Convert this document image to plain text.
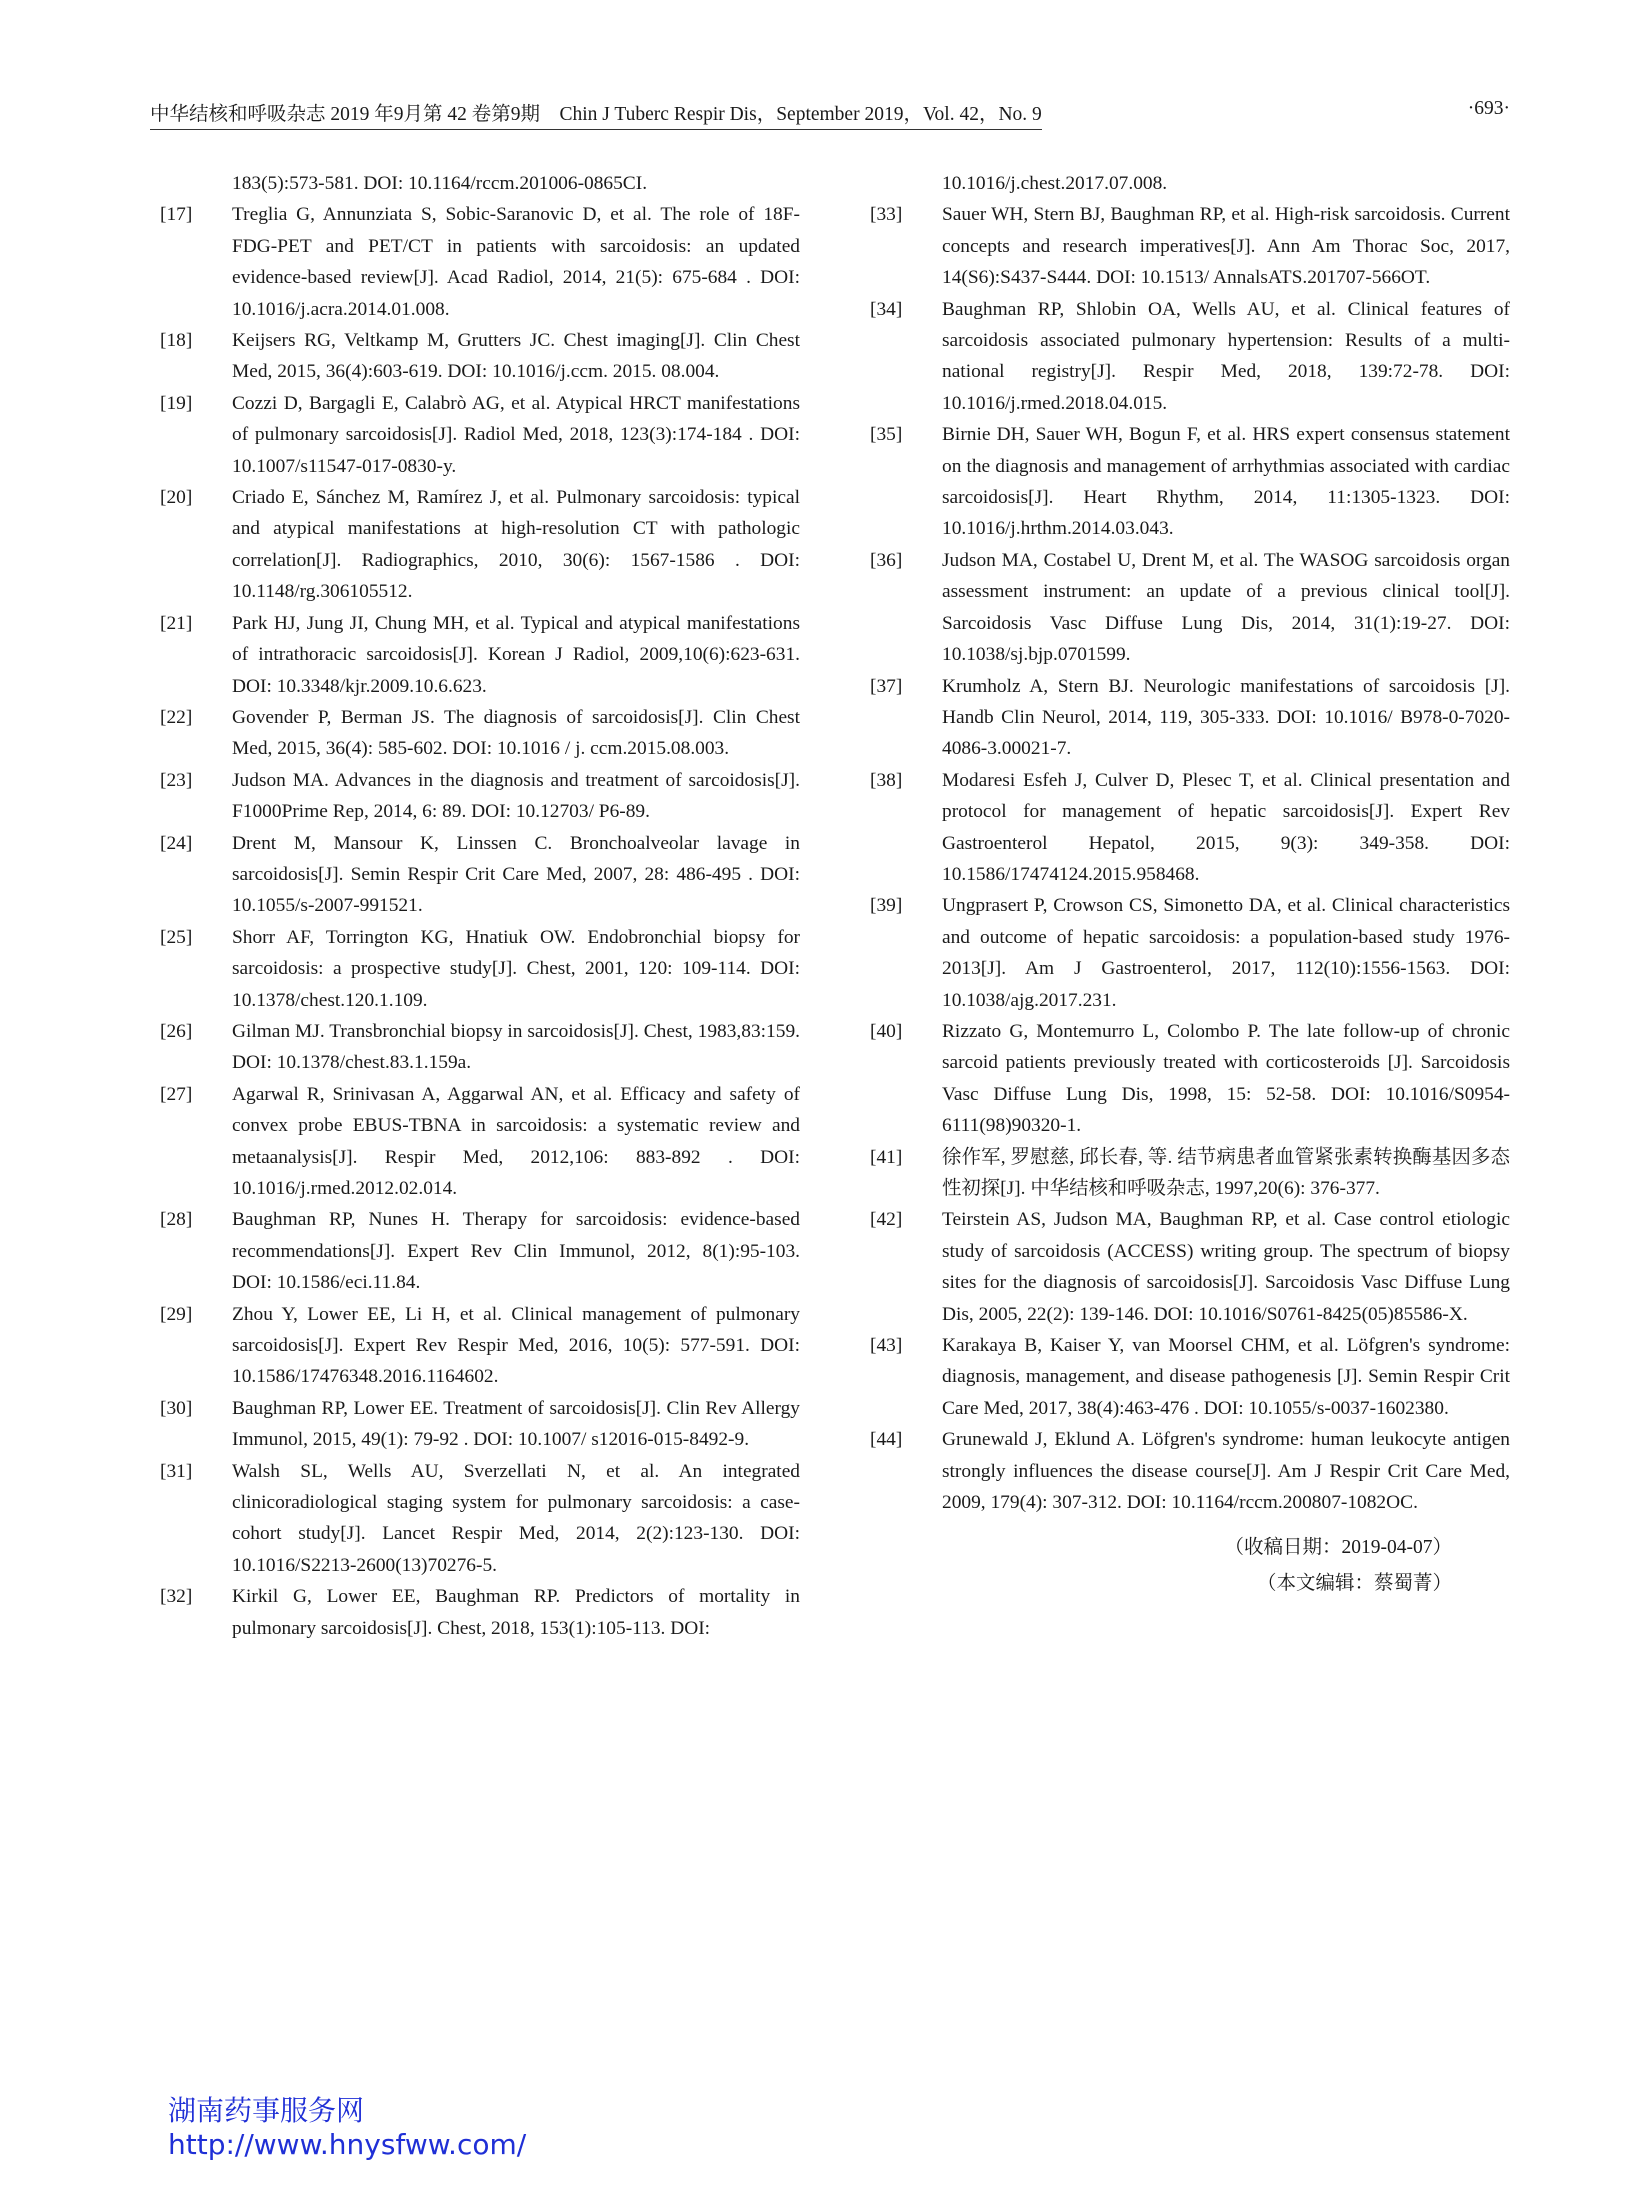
中华结核和呼吸杂志 2019 年9月第 42 卷第9期　Chin J Tuberc Respir Dis，September 2019，Vol. 42，No. 9	·693·
183(5):573-581. DOI: 10.1164/rccm.201006-0865CI.
[17]	Treglia G, Annunziata S, Sobic-Saranovic D, et al. The role of 18F-FDG-PET and PET/CT in patients with sarcoidosis: an updated evidence-based review[J]. Acad Radiol, 2014, 21(5): 675-684 . DOI: 10.1016/j.acra.2014.01.008.
[18]	Keijsers RG, Veltkamp M, Grutters JC. Chest imaging[J]. Clin Chest Med, 2015, 36(4):603-619. DOI: 10.1016/j.ccm. 2015. 08.004.
[19]	Cozzi D, Bargagli E, Calabrò AG, et al. Atypical HRCT manifestations of pulmonary sarcoidosis[J]. Radiol Med, 2018, 123(3):174-184 . DOI: 10.1007/s11547-017-0830-y.
[20]	Criado E, Sánchez M, Ramírez J, et al. Pulmonary sarcoidosis: typical and atypical manifestations at high-resolution CT with pathologic correlation[J]. Radiographics, 2010, 30(6): 1567-1586 . DOI: 10.1148/rg.306105512.
[21]	Park HJ, Jung JI, Chung MH, et al. Typical and atypical manifestations of intrathoracic sarcoidosis[J]. Korean J Radiol, 2009,10(6):623-631. DOI: 10.3348/kjr.2009.10.6.623.
[22]	Govender P, Berman JS. The diagnosis of sarcoidosis[J]. Clin Chest Med, 2015, 36(4): 585-602. DOI: 10.1016 / j. ccm.2015.08.003.
[23]	Judson MA. Advances in the diagnosis and treatment of sarcoidosis[J]. F1000Prime Rep, 2014, 6: 89. DOI: 10.12703/ P6-89.
[24]	Drent M, Mansour K, Linssen C. Bronchoalveolar lavage in sarcoidosis[J]. Semin Respir Crit Care Med, 2007, 28: 486-495 . DOI: 10.1055/s-2007-991521.
[25]	Shorr AF, Torrington KG, Hnatiuk OW. Endobronchial biopsy for sarcoidosis: a prospective study[J]. Chest, 2001, 120: 109-114. DOI: 10.1378/chest.120.1.109.
[26]	Gilman MJ. Transbronchial biopsy in sarcoidosis[J]. Chest, 1983,83:159. DOI: 10.1378/chest.83.1.159a.
[27]	Agarwal R, Srinivasan A, Aggarwal AN, et al. Efficacy and safety of convex probe EBUS-TBNA in sarcoidosis: a systematic review and metaanalysis[J]. Respir Med, 2012,106: 883-892 . DOI: 10.1016/j.rmed.2012.02.014.
[28]	Baughman RP, Nunes H. Therapy for sarcoidosis: evidence-based recommendations[J]. Expert Rev Clin Immunol, 2012, 8(1):95-103. DOI: 10.1586/eci.11.84.
[29]	Zhou Y, Lower EE, Li H, et al. Clinical management of pulmonary sarcoidosis[J]. Expert Rev Respir Med, 2016, 10(5): 577-591. DOI: 10.1586/17476348.2016.1164602.
[30]	Baughman RP, Lower EE. Treatment of sarcoidosis[J]. Clin Rev Allergy Immunol, 2015, 49(1): 79-92 . DOI: 10.1007/ s12016-015-8492-9.
[31]	Walsh SL, Wells AU, Sverzellati N, et al. An integrated clinicoradiological staging system for pulmonary sarcoidosis: a case-cohort study[J]. Lancet Respir Med, 2014, 2(2):123-130. DOI: 10.1016/S2213-2600(13)70276-5.
[32]	Kirkil G, Lower EE, Baughman RP. Predictors of mortality in pulmonary sarcoidosis[J]. Chest, 2018, 153(1):105-113. DOI:
10.1016/j.chest.2017.07.008.
[33]	Sauer WH, Stern BJ, Baughman RP, et al. High-risk sarcoidosis. Current concepts and research imperatives[J]. Ann Am Thorac Soc, 2017, 14(S6):S437-S444. DOI: 10.1513/ AnnalsATS.201707-566OT.
[34]	Baughman RP, Shlobin OA, Wells AU, et al. Clinical features of sarcoidosis associated pulmonary hypertension: Results of a multi-national registry[J]. Respir Med, 2018, 139:72-78. DOI: 10.1016/j.rmed.2018.04.015.
[35]	Birnie DH, Sauer WH, Bogun F, et al. HRS expert consensus statement on the diagnosis and management of arrhythmias associated with cardiac sarcoidosis[J]. Heart Rhythm, 2014, 11:1305-1323. DOI: 10.1016/j.hrthm.2014.03.043.
[36]	Judson MA, Costabel U, Drent M, et al. The WASOG sarcoidosis organ assessment instrument: an update of a previous clinical tool[J]. Sarcoidosis Vasc Diffuse Lung Dis, 2014, 31(1):19-27. DOI: 10.1038/sj.bjp.0701599.
[37]	Krumholz A, Stern BJ. Neurologic manifestations of sarcoidosis [J]. Handb Clin Neurol, 2014, 119, 305-333. DOI: 10.1016/ B978-0-7020-4086-3.00021-7.
[38]	Modaresi Esfeh J, Culver D, Plesec T, et al. Clinical presentation and protocol for management of hepatic sarcoidosis[J]. Expert Rev Gastroenterol Hepatol, 2015, 9(3): 349-358. DOI: 10.1586/17474124.2015.958468.
[39]	Ungprasert P, Crowson CS, Simonetto DA, et al. Clinical characteristics and outcome of hepatic sarcoidosis: a population-based study 1976-2013[J]. Am J Gastroenterol, 2017, 112(10):1556-1563. DOI: 10.1038/ajg.2017.231.
[40]	Rizzato G, Montemurro L, Colombo P. The late follow-up of chronic sarcoid patients previously treated with corticosteroids [J]. Sarcoidosis Vasc Diffuse Lung Dis, 1998, 15: 52-58. DOI: 10.1016/S0954-6111(98)90320-1.
[41]	徐作军, 罗慰慈, 邱长春, 等. 结节病患者血管紧张素转换酶基因多态性初探[J]. 中华结核和呼吸杂志, 1997,20(6): 376-377.
[42]	Teirstein AS, Judson MA, Baughman RP, et al. Case control etiologic study of sarcoidosis (ACCESS) writing group. The spectrum of biopsy sites for the diagnosis of sarcoidosis[J]. Sarcoidosis Vasc Diffuse Lung Dis, 2005, 22(2): 139-146. DOI: 10.1016/S0761-8425(05)85586-X.
[43]	Karakaya B, Kaiser Y, van Moorsel CHM, et al. Löfgren's syndrome: diagnosis, management, and disease pathogenesis [J]. Semin Respir Crit Care Med, 2017, 38(4):463-476 . DOI: 10.1055/s-0037-1602380.
[44]	Grunewald J, Eklund A. Löfgren's syndrome: human leukocyte antigen strongly influences the disease course[J]. Am J Respir Crit Care Med, 2009, 179(4): 307-312. DOI: 10.1164/rccm.200807-1082OC.
（收稿日期：2019-04-07）
（本文编辑：蔡蜀菁）
湖南药事服务网
http://www.hnysfww.com/
